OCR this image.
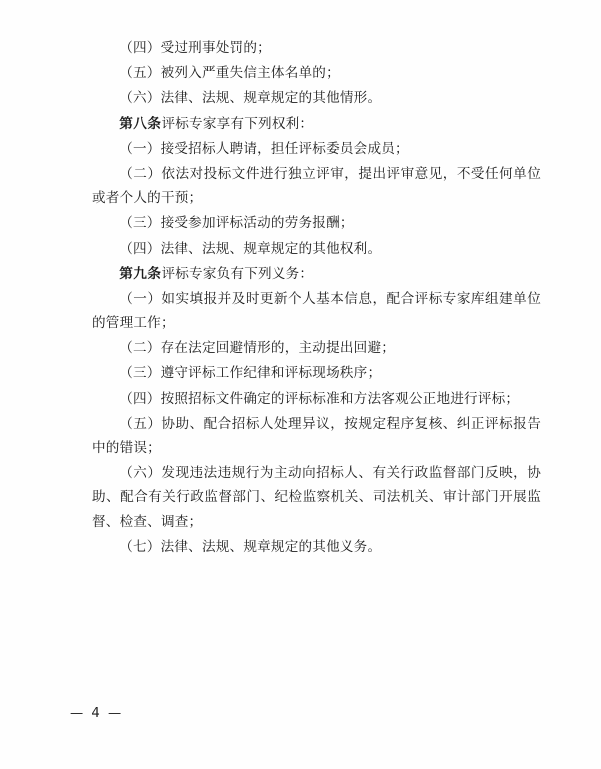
（四）受过刑事处罚的；

（五）被列入严重失信主体名单的；

（六）法律、法规、规章规定的其他情形。

第八条评标专家享有下列权利：

（一）接受招标人聘请，担任评标委员会成员；

（二）依法对投标文件进行独立评审，提出评审意见，不受任何单位或者个人的干预；

（三）接受参加评标活动的劳务报酬；

（四）法律、法规、规章规定的其他权利。

第九条评标专家负有下列义务：

（一）如实填报并及时更新个人基本信息，配合评标专家库组建单位的管理工作；

（二）存在法定回避情形的，主动提出回避；

（三）遵守评标工作纪律和评标现场秩序；

（四）按照招标文件确定的评标标准和方法客观公正地进行评标；

（五）协助、配合招标人处理异议，按规定程序复核、纠正评标报告中的错误；

（六）发现违法违规行为主动向招标人、有关行政监督部门反映，协助、配合有关行政监督部门、纪检监察机关、司法机关、审计部门开展监督、检查、调查；

（七）法律、法规、规章规定的其他义务。

— 4 —
